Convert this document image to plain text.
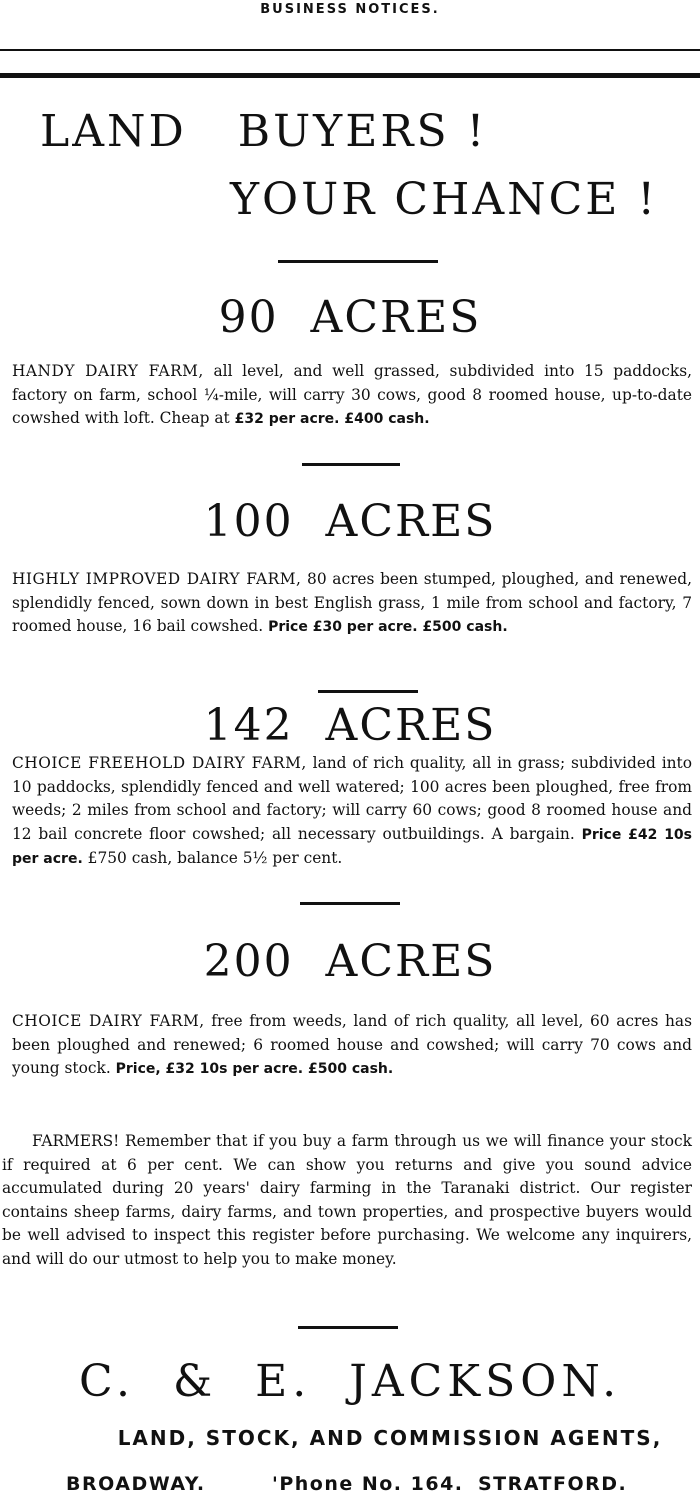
BUSINESS NOTICES.
LAND   BUYERS !
YOUR CHANCE !
90  ACRES

HANDY DAIRY FARM, all level, and well grassed, subdivided into 15 paddocks, factory on farm, school ¼-mile, will carry 30 cows, good 8 roomed house, up-to-date cowshed with loft. Cheap at £32 per acre. £400 cash.

100  ACRES

HIGHLY IMPROVED DAIRY FARM, 80 acres been stumped, ploughed, and renewed, splendidly fenced, sown down in best English grass, 1 mile from school and factory, 7 roomed house, 16 bail cowshed. Price £30 per acre. £500 cash.

142  ACRES

CHOICE FREEHOLD DAIRY FARM, land of rich quality, all in grass; subdivided into 10 paddocks, splendidly fenced and well watered; 100 acres been ploughed, free from weeds; 2 miles from school and factory; will carry 60 cows; good 8 roomed house and 12 bail concrete floor cowshed; all necessary outbuildings. A bargain. Price £42 10s per acre. £750 cash, balance 5½ per cent.

200  ACRES

CHOICE DAIRY FARM, free from weeds, land of rich quality, all level, 60 acres has been ploughed and renewed; 6 roomed house and cowshed; will carry 70 cows and young stock. Price, £32 10s per acre. £500 cash.

FARMERS! Remember that if you buy a farm through us we will finance your stock if required at 6 per cent. We can show you returns and give you sound advice accumulated during 20 years' dairy farming in the Taranaki district. Our register contains sheep farms, dairy farms, and town properties, and prospective buyers would be well advised to inspect this register before purchasing. We welcome any inquirers, and will do our utmost to help you to make money.

C.  &  E.  JACKSON.
LAND, STOCK, AND COMMISSION AGENTS,
BROADWAY.	'Phone No. 164. STRATFORD.
